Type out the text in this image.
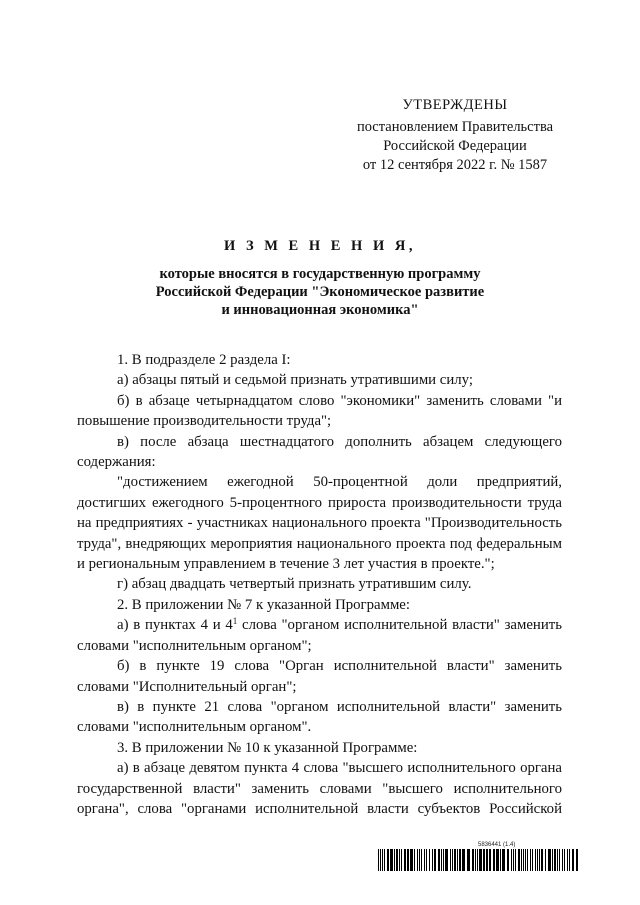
УТВЕРЖДЕНЫ
постановлением Правительства
Российской Федерации
от 12 сентября 2022 г. № 1587
И З М Е Н Е Н И Я,
которые вносятся в государственную программу
Российской Федерации "Экономическое развитие
и инновационная экономика"

1. В подразделе 2 раздела I:

а) абзацы пятый и седьмой признать утратившими силу;

б) в абзаце четырнадцатом слово "экономики" заменить словами "и повышение производительности труда";

в) после абзаца шестнадцатого дополнить абзацем следующего содержания:

"достижением ежегодной 50-процентной доли предприятий, достигших ежегодного 5-процентного прироста производительности труда на предприятиях - участниках национального проекта "Производительность труда", внедряющих мероприятия национального проекта под федеральным и региональным управлением в течение 3 лет участия в проекте.";

г) абзац двадцать четвертый признать утратившим силу.

2. В приложении № 7 к указанной Программе:

а) в пунктах 4 и $4^1$ слова "органом исполнительной власти" заменить словами "исполнительным органом";

б) в пункте 19 слова "Орган исполнительной власти" заменить словами "Исполнительный орган";

в) в пункте 21 слова "органом исполнительной власти" заменить словами "исполнительным органом".

3. В приложении № 10 к указанной Программе:

а) в абзаце девятом пункта 4 слова "высшего исполнительного органа государственной власти" заменить словами "высшего исполнительного органа", слова "органами исполнительной власти субъектов Российской

5836441 (1.4)
